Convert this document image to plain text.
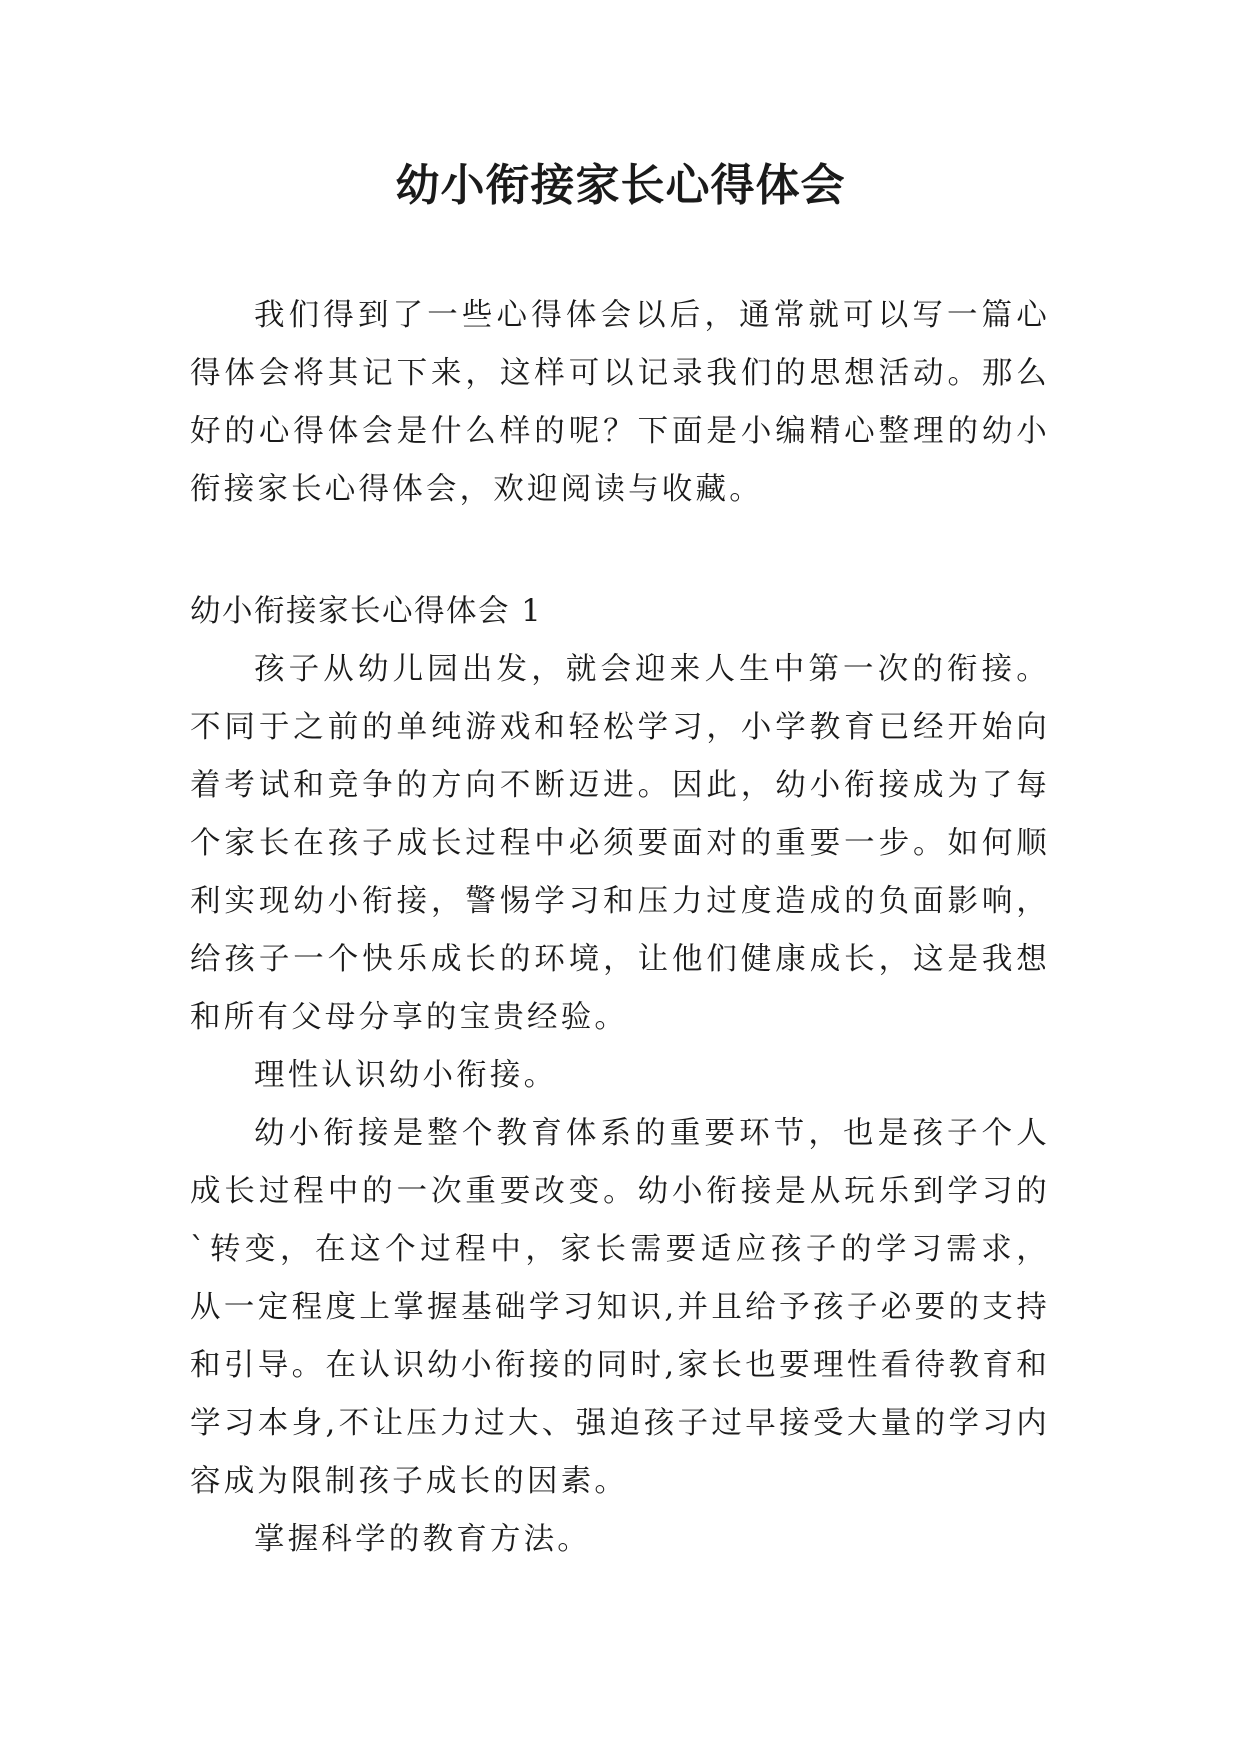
幼小衔接家长心得体会

我们得到了一些心得体会以后，通常就可以写一篇心得体会将其记下来，这样可以记录我们的思想活动。那么好的心得体会是什么样的呢？下面是小编精心整理的幼小衔接家长心得体会，欢迎阅读与收藏。

幼小衔接家长心得体会 1

孩子从幼儿园出发，就会迎来人生中第一次的衔接。不同于之前的单纯游戏和轻松学习，小学教育已经开始向着考试和竞争的方向不断迈进。因此，幼小衔接成为了每个家长在孩子成长过程中必须要面对的重要一步。如何顺利实现幼小衔接，警惕学习和压力过度造成的负面影响，给孩子一个快乐成长的环境，让他们健康成长，这是我想和所有父母分享的宝贵经验。

理性认识幼小衔接。

幼小衔接是整个教育体系的重要环节，也是孩子个人成长过程中的一次重要改变。幼小衔接是从玩乐到学习的`转变，在这个过程中，家长需要适应孩子的学习需求，从一定程度上掌握基础学习知识,并且给予孩子必要的支持和引导。在认识幼小衔接的同时,家长也要理性看待教育和学习本身,不让压力过大、强迫孩子过早接受大量的学习内容成为限制孩子成长的因素。

掌握科学的教育方法。
